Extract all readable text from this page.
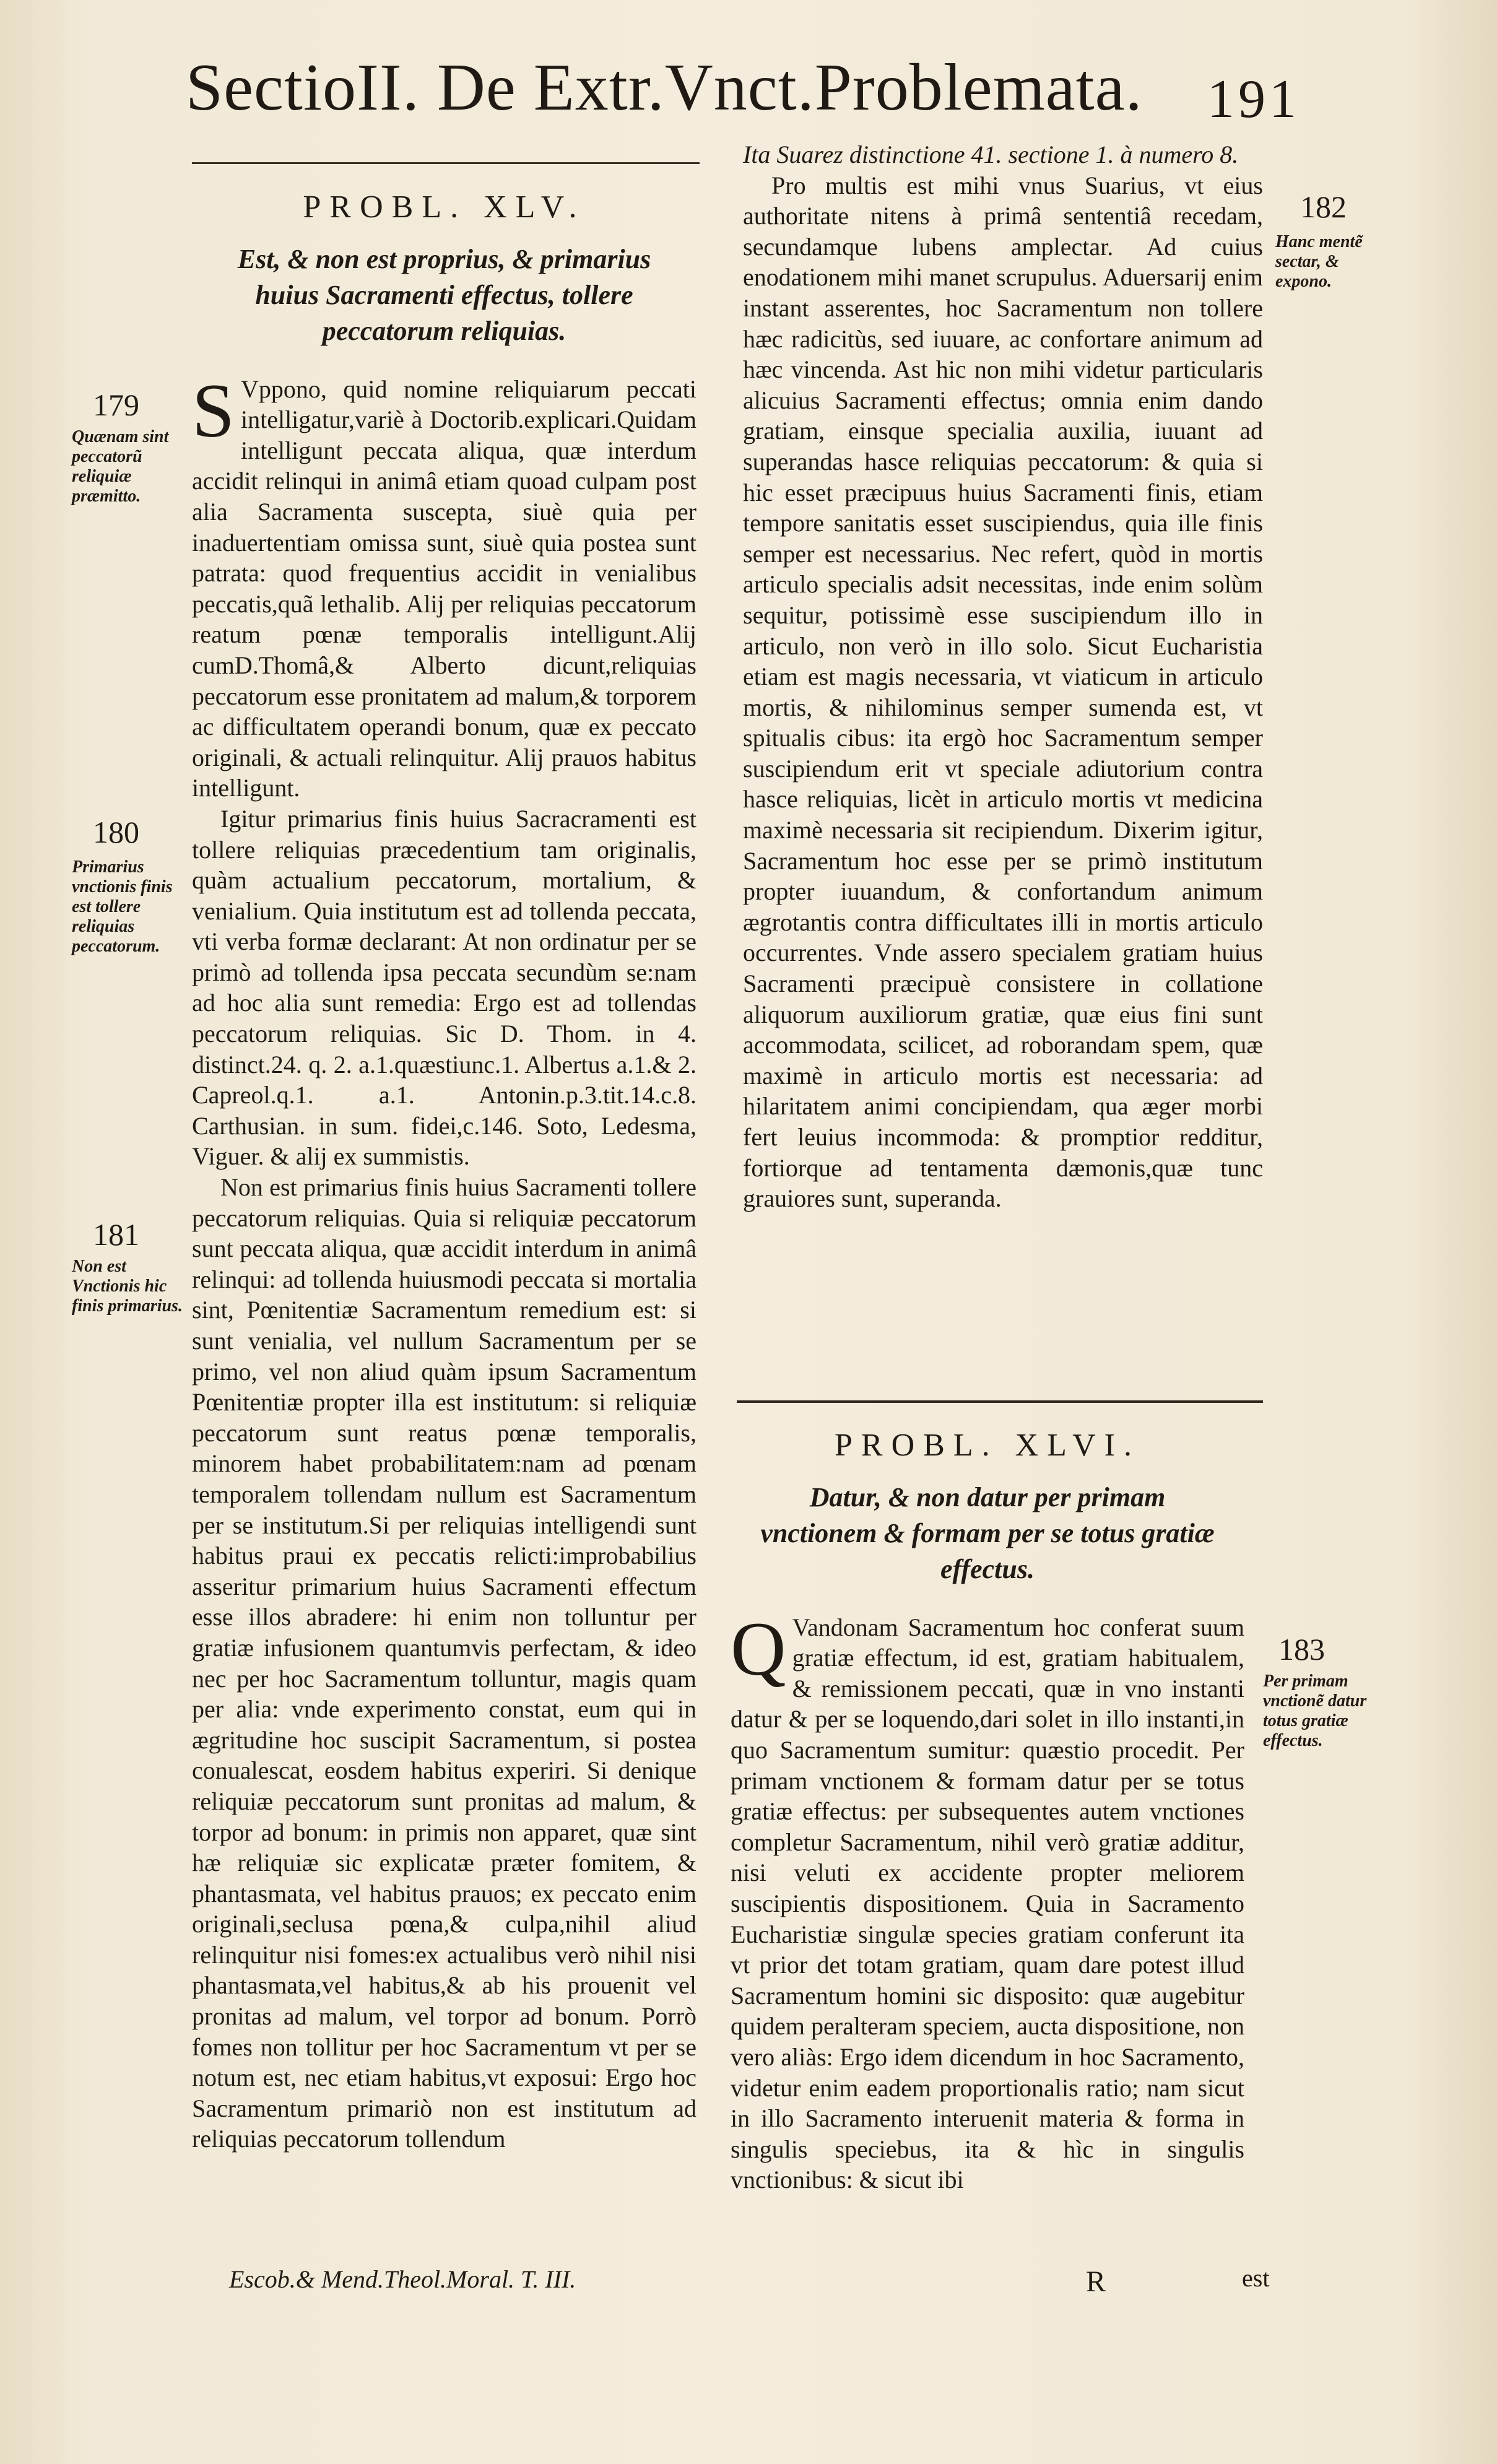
SectioII. De Extr.Vnct.Problemata. 191
PROBL. XLV.
Est, & non est proprius, & primarius huius Sacramenti effectus, tollere peccatorum reliquias.

S Vppono, quid nomine reliquiarum peccati intelligatur,variè à Doctorib.explicari.Quidam intelligunt peccata aliqua, quæ interdum accidit relinqui in animâ etiam quoad culpam post alia Sacramenta suscepta, siuè quia per inaduertentiam omissa sunt, siuè quia postea sunt patrata: quod frequentius accidit in venialibus peccatis,quã lethalib. Alij per reliquias peccatorum reatum pœnæ temporalis intelligunt.Alij cumD.Thomâ,& Alberto dicunt,reliquias peccatorum esse pronitatem ad malum,& torporem ac difficultatem operandi bonum, quæ ex peccato originali, & actuali relinquitur. Alij prauos habitus intelligunt.

Igitur primarius finis huius Sacracramenti est tollere reliquias præcedentium tam originalis, quàm actualium peccatorum, mortalium, & venialium. Quia institutum est ad tollenda peccata, vti verba formæ declarant: At non ordinatur per se primò ad tollenda ipsa peccata secundùm se:nam ad hoc alia sunt remedia: Ergo est ad tollendas peccatorum reliquias. Sic D. Thom. in 4. distinct.24. q. 2. a.1.quæstiunc.1. Albertus a.1.& 2. Capreol.q.1. a.1. Antonin.p.3.tit.14.c.8. Carthusian. in sum. fidei,c.146. Soto, Ledesma, Viguer. & alij ex summistis.

Non est primarius finis huius Sacramenti tollere peccatorum reliquias. Quia si reliquiæ peccatorum sunt peccata aliqua, quæ accidit interdum in animâ relinqui: ad tollenda huiusmodi peccata si mortalia sint, Pœnitentiæ Sacramentum remedium est: si sunt venialia, vel nullum Sacramentum per se primo, vel non aliud quàm ipsum Sacramentum Pœnitentiæ propter illa est institutum: si reliquiæ peccatorum sunt reatus pœnæ temporalis, minorem habet probabilitatem:nam ad pœnam temporalem tollendam nullum est Sacramentum per se institutum.Si per reliquias intelligendi sunt habitus praui ex peccatis relicti:improbabilius asseritur primarium huius Sacramenti effectum esse illos abradere: hi enim non tolluntur per gratiæ infusionem quantumvis perfectam, & ideo nec per hoc Sacramentum tolluntur, magis quam per alia: vnde experimento constat, eum qui in ægritudine hoc suscipit Sacramentum, si postea conualescat, eosdem habitus experiri. Si denique reliquiæ peccatorum sunt pronitas ad malum, & torpor ad bonum: in primis non apparet, quæ sint hæ reliquiæ sic explicatæ præter fomitem, & phantasmata, vel habitus prauos; ex peccato enim originali,seclusa pœna,& culpa,nihil aliud relinquitur nisi fomes:ex actualibus verò nihil nisi phantasmata,vel habitus,& ab his prouenit vel pronitas ad malum, vel torpor ad bonum. Porrò fomes non tollitur per hoc Sacramentum vt per se notum est, nec etiam habitus,vt exposui: Ergo hoc Sacramentum primariò non est institutum ad reliquias peccatorum tollendum

179
Quænam sint peccatorũ reliquiæ præmitto.
180
Primarius vnctionis finis est tollere reliquias peccatorum.
181
Non est Vnctionis hic finis primarius.

Ita Suarez distinctione 41. sectione 1. à numero 8.

Pro multis est mihi vnus Suarius, vt eius authoritate nitens à primâ sententiâ recedam, secundamque lubens amplectar. Ad cuius enodationem mihi manet scrupulus. Aduersarij enim instant asserentes, hoc Sacramentum non tollere hæc radicitùs, sed iuuare, ac confortare animum ad hæc vincenda. Ast hic non mihi videtur particularis alicuius Sacramenti effectus; omnia enim dando gratiam, einsque specialia auxilia, iuuant ad superandas hasce reliquias peccatorum: & quia si hic esset præcipuus huius Sacramenti finis, etiam tempore sanitatis esset suscipiendus, quia ille finis semper est necessarius. Nec refert, quòd in mortis articulo specialis adsit necessitas, inde enim solùm sequitur, potissimè esse suscipiendum illo in articulo, non verò in illo solo. Sicut Eucharistia etiam est magis necessaria, vt viaticum in articulo mortis, & nihilominus semper sumenda est, vt spitualis cibus: ita ergò hoc Sacramentum semper suscipiendum erit vt speciale adiutorium contra hasce reliquias, licèt in articulo mortis vt medicina maximè necessaria sit recipiendum. Dixerim igitur, Sacramentum hoc esse per se primò institutum propter iuuandum, & confortandum animum ægrotantis contra difficultates illi in mortis articulo occurrentes. Vnde assero specialem gratiam huius Sacramenti præcipuè consistere in collatione aliquorum auxiliorum gratiæ, quæ eius fini sunt accommodata, scilicet, ad roborandam spem, quæ maximè in articulo mortis est necessaria: ad hilaritatem animi concipiendam, qua æger morbi fert leuius incommoda: & promptior redditur, fortiorque ad tentamenta dæmonis,quæ tunc grauiores sunt, superanda.

PROBL. XLVI.
Datur, & non datur per primam vnctionem & formam per se totus gratiæ effectus.

Q Vandonam Sacramentum hoc conferat suum gratiæ effectum, id est, gratiam habitualem, & remissionem peccati, quæ in vno instanti datur & per se loquendo,dari solet in illo instanti,in quo Sacramentum sumitur: quæstio procedit. Per primam vnctionem & formam datur per se totus gratiæ effectus: per subsequentes autem vnctiones completur Sacramentum, nihil verò gratiæ additur, nisi veluti ex accidente propter meliorem suscipientis dispositionem. Quia in Sacramento Eucharistiæ singulæ species gratiam conferunt ita vt prior det totam gratiam, quam dare potest illud Sacramentum homini sic disposito: quæ augebitur quidem peralteram speciem, aucta dispositione, non vero aliàs: Ergo idem dicendum in hoc Sacramento, videtur enim eadem proportionalis ratio; nam sicut in illo Sacramento interuenit materia & forma in singulis speciebus, ita & hìc in singulis vnctionibus: & sicut ibi

182
Hanc mentẽ sectar, & expono.
183
Per primam vnctionẽ datur totus gratiæ effectus.
Escob.& Mend.Theol.Moral. T. III.	R	est
